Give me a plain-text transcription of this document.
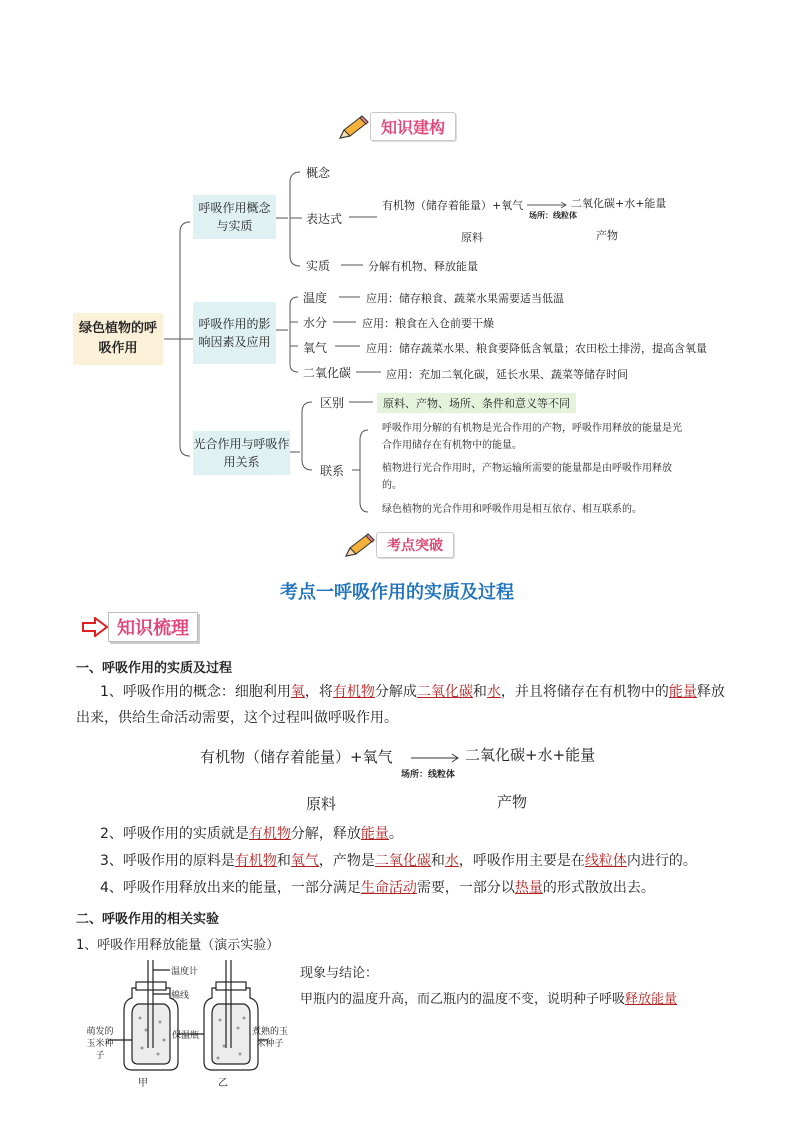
知识建构
绿色植物的呼吸作用
呼吸作用概念与实质
呼吸作用的影响因素及应用
光合作用与呼吸作用关系
概念
表达式
实质	分解有机物、释放能量
有机物（储存着能量）+氧气	二氧化碳+水+能量
场所：线粒体
原料	产物
温度	应用：储存粮食、蔬菜水果需要适当低温
水分	应用：粮食在入仓前要干燥
氧气	应用：储存蔬菜水果、粮食要降低含氧量；农田松土排涝，提高含氧量
二氧化碳	应用：充加二氧化碳，延长水果、蔬菜等储存时间
区别	原料、产物、场所、条件和意义等不同
联系
呼吸作用分解的有机物是光合作用的产物，呼吸作用释放的能量是光合作用储存在有机物中的能量。
植物进行光合作用时，产物运输所需要的能量都是由呼吸作用释放的。
绿色植物的光合作用和呼吸作用是相互依存、相互联系的。
考点突破
考点一呼吸作用的实质及过程
知识梳理
一、呼吸作用的实质及过程
1、呼吸作用的概念：细胞利用氧，将有机物分解成二氧化碳和水，并且将储存在有机物中的能量释放
出来，供给生命活动需要，这个过程叫做呼吸作用。
有机物（储存着能量）+氧气	二氧化碳+水+能量
场所：线粒体
原料	产物
2、呼吸作用的实质就是有机物分解，释放能量。
3、呼吸作用的原料是有机物和氧气，产物是二氧化碳和水，呼吸作用主要是在线粒体内进行的。
4、呼吸作用释放出来的能量，一部分满足生命活动需要，一部分以热量的形式散放出去。
二、呼吸作用的相关实验
1、呼吸作用释放能量（演示实验）
温度计
棉线
保温瓶
萌发的玉米种子
煮熟的玉米种子
甲	乙
现象与结论：
甲瓶内的温度升高，而乙瓶内的温度不变，说明种子呼吸释放能量
